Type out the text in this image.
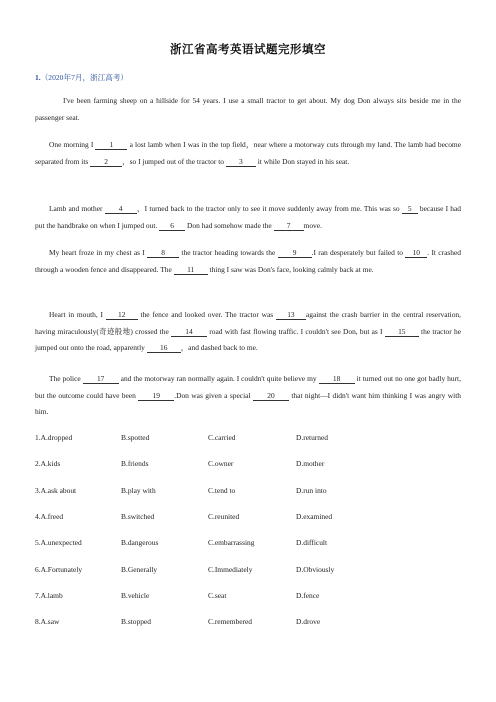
浙江省高考英语试题完形填空
1.（2020年7月，浙江高考）

I've been farming sheep on a hillside for 54 years. I use a small tractor to get about. My dog Don always sits beside me in the passenger seat.

One morning I 1 a lost lamb when I was in the top field，near where a motorway cuts through my land. The lamb had become separated from its 2 ，so I jumped out of the tractor to 3 it while Don stayed in his seat.

Lamb and mother 4 ，I turned back to the tractor only to see it move suddenly away from me. This was so 5 because I had put the handbrake on when I jumped out. 6 Don had somehow made the 7 move.

My heart froze in my chest as I 8 the tractor heading towards the 9 .I ran desperately but failed to 10 . It crashed through a wooden fence and disappeared. The 11 thing I saw was Don's face, looking calmly back at me.

Heart in mouth, I 12 the fence and looked over. The tractor was 13 against the crash barrier in the central reservation, having miraculously(奇迹般地) crossed the 14 road with fast flowing traffic. I couldn't see Don, but as I 15 the tractor he jumped out onto the road, apparently 16 ，and dashed back to me.

The police 17 and the motorway ran normally again. I couldn't quite believe my 18 it turned out no one got badly hurt, but the outcome could have been 19 .Don was given a special 20 that night—I didn't want him thinking I was angry with him.

1.A.dropped	B.spotted	C.carried	D.returned
2.A.kids	B.friends	C.owner	D.mother
3.A.ask about	B.play with	C.tend to	D.run into
4.A.freed	B.switched	C.reunited	D.examined
5.A.unexpected	B.dangerous	C.embarrassing	D.difficult
6.A.Fortunately	B.Generally	C.Immediately	D.Obviously
7.A.lamb	B.vehicle	C.seat	D.fence
8.A.saw	B.stopped	C.remembered	D.drove
